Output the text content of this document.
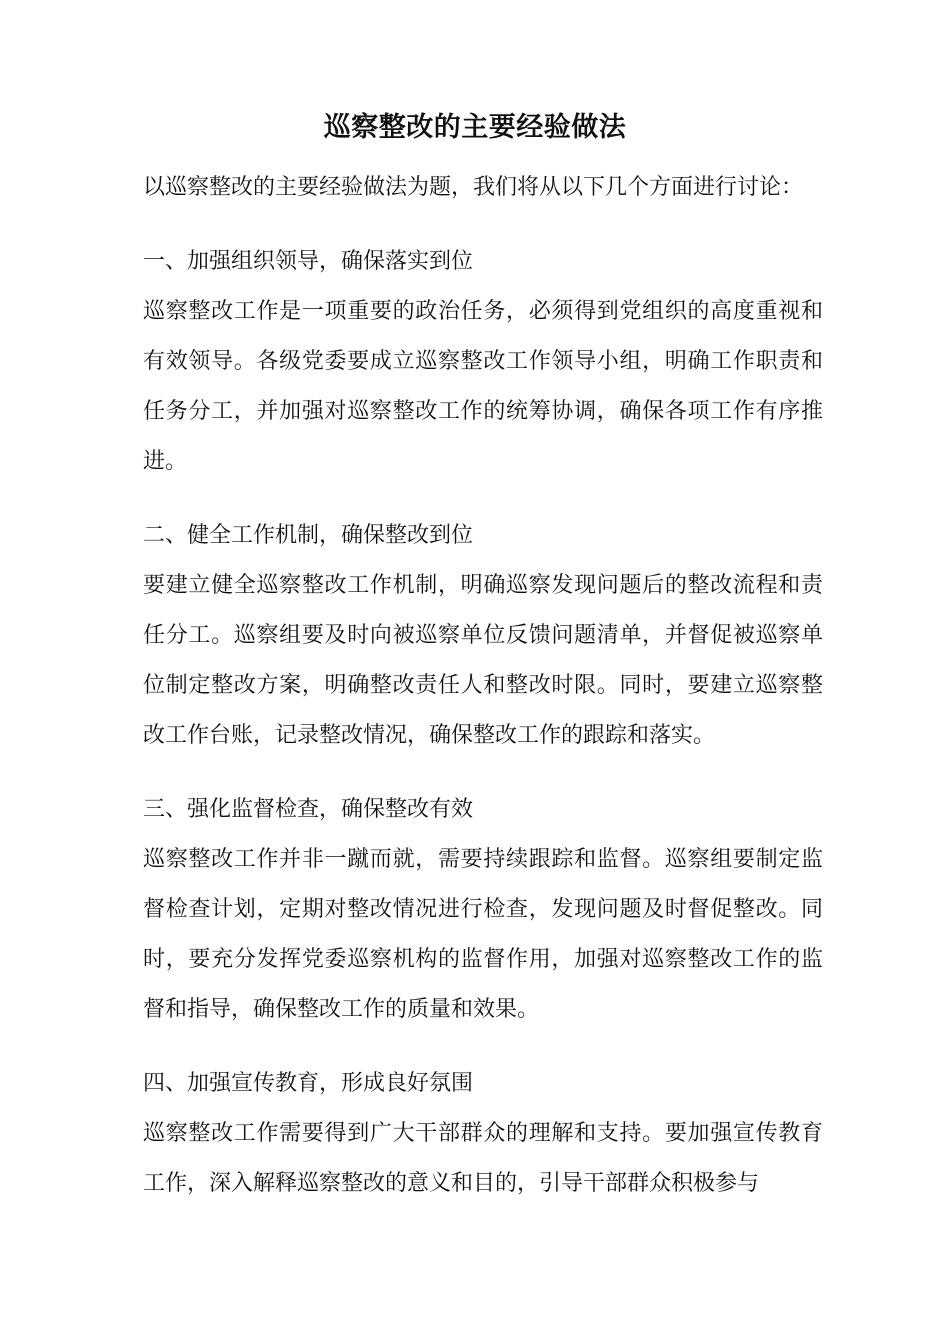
巡察整改的主要经验做法

以巡察整改的主要经验做法为题，我们将从以下几个方面进行讨论：

一、加强组织领导，确保落实到位

巡察整改工作是一项重要的政治任务，必须得到党组织的高度重视和有效领导。各级党委要成立巡察整改工作领导小组，明确工作职责和任务分工，并加强对巡察整改工作的统筹协调，确保各项工作有序推进。

二、健全工作机制，确保整改到位

要建立健全巡察整改工作机制，明确巡察发现问题后的整改流程和责任分工。巡察组要及时向被巡察单位反馈问题清单，并督促被巡察单位制定整改方案，明确整改责任人和整改时限。同时，要建立巡察整改工作台账，记录整改情况，确保整改工作的跟踪和落实。

三、强化监督检查，确保整改有效

巡察整改工作并非一蹴而就，需要持续跟踪和监督。巡察组要制定监督检查计划，定期对整改情况进行检查，发现问题及时督促整改。同时，要充分发挥党委巡察机构的监督作用，加强对巡察整改工作的监督和指导，确保整改工作的质量和效果。

四、加强宣传教育，形成良好氛围

巡察整改工作需要得到广大干部群众的理解和支持。要加强宣传教育工作，深入解释巡察整改的意义和目的，引导干部群众积极参与
